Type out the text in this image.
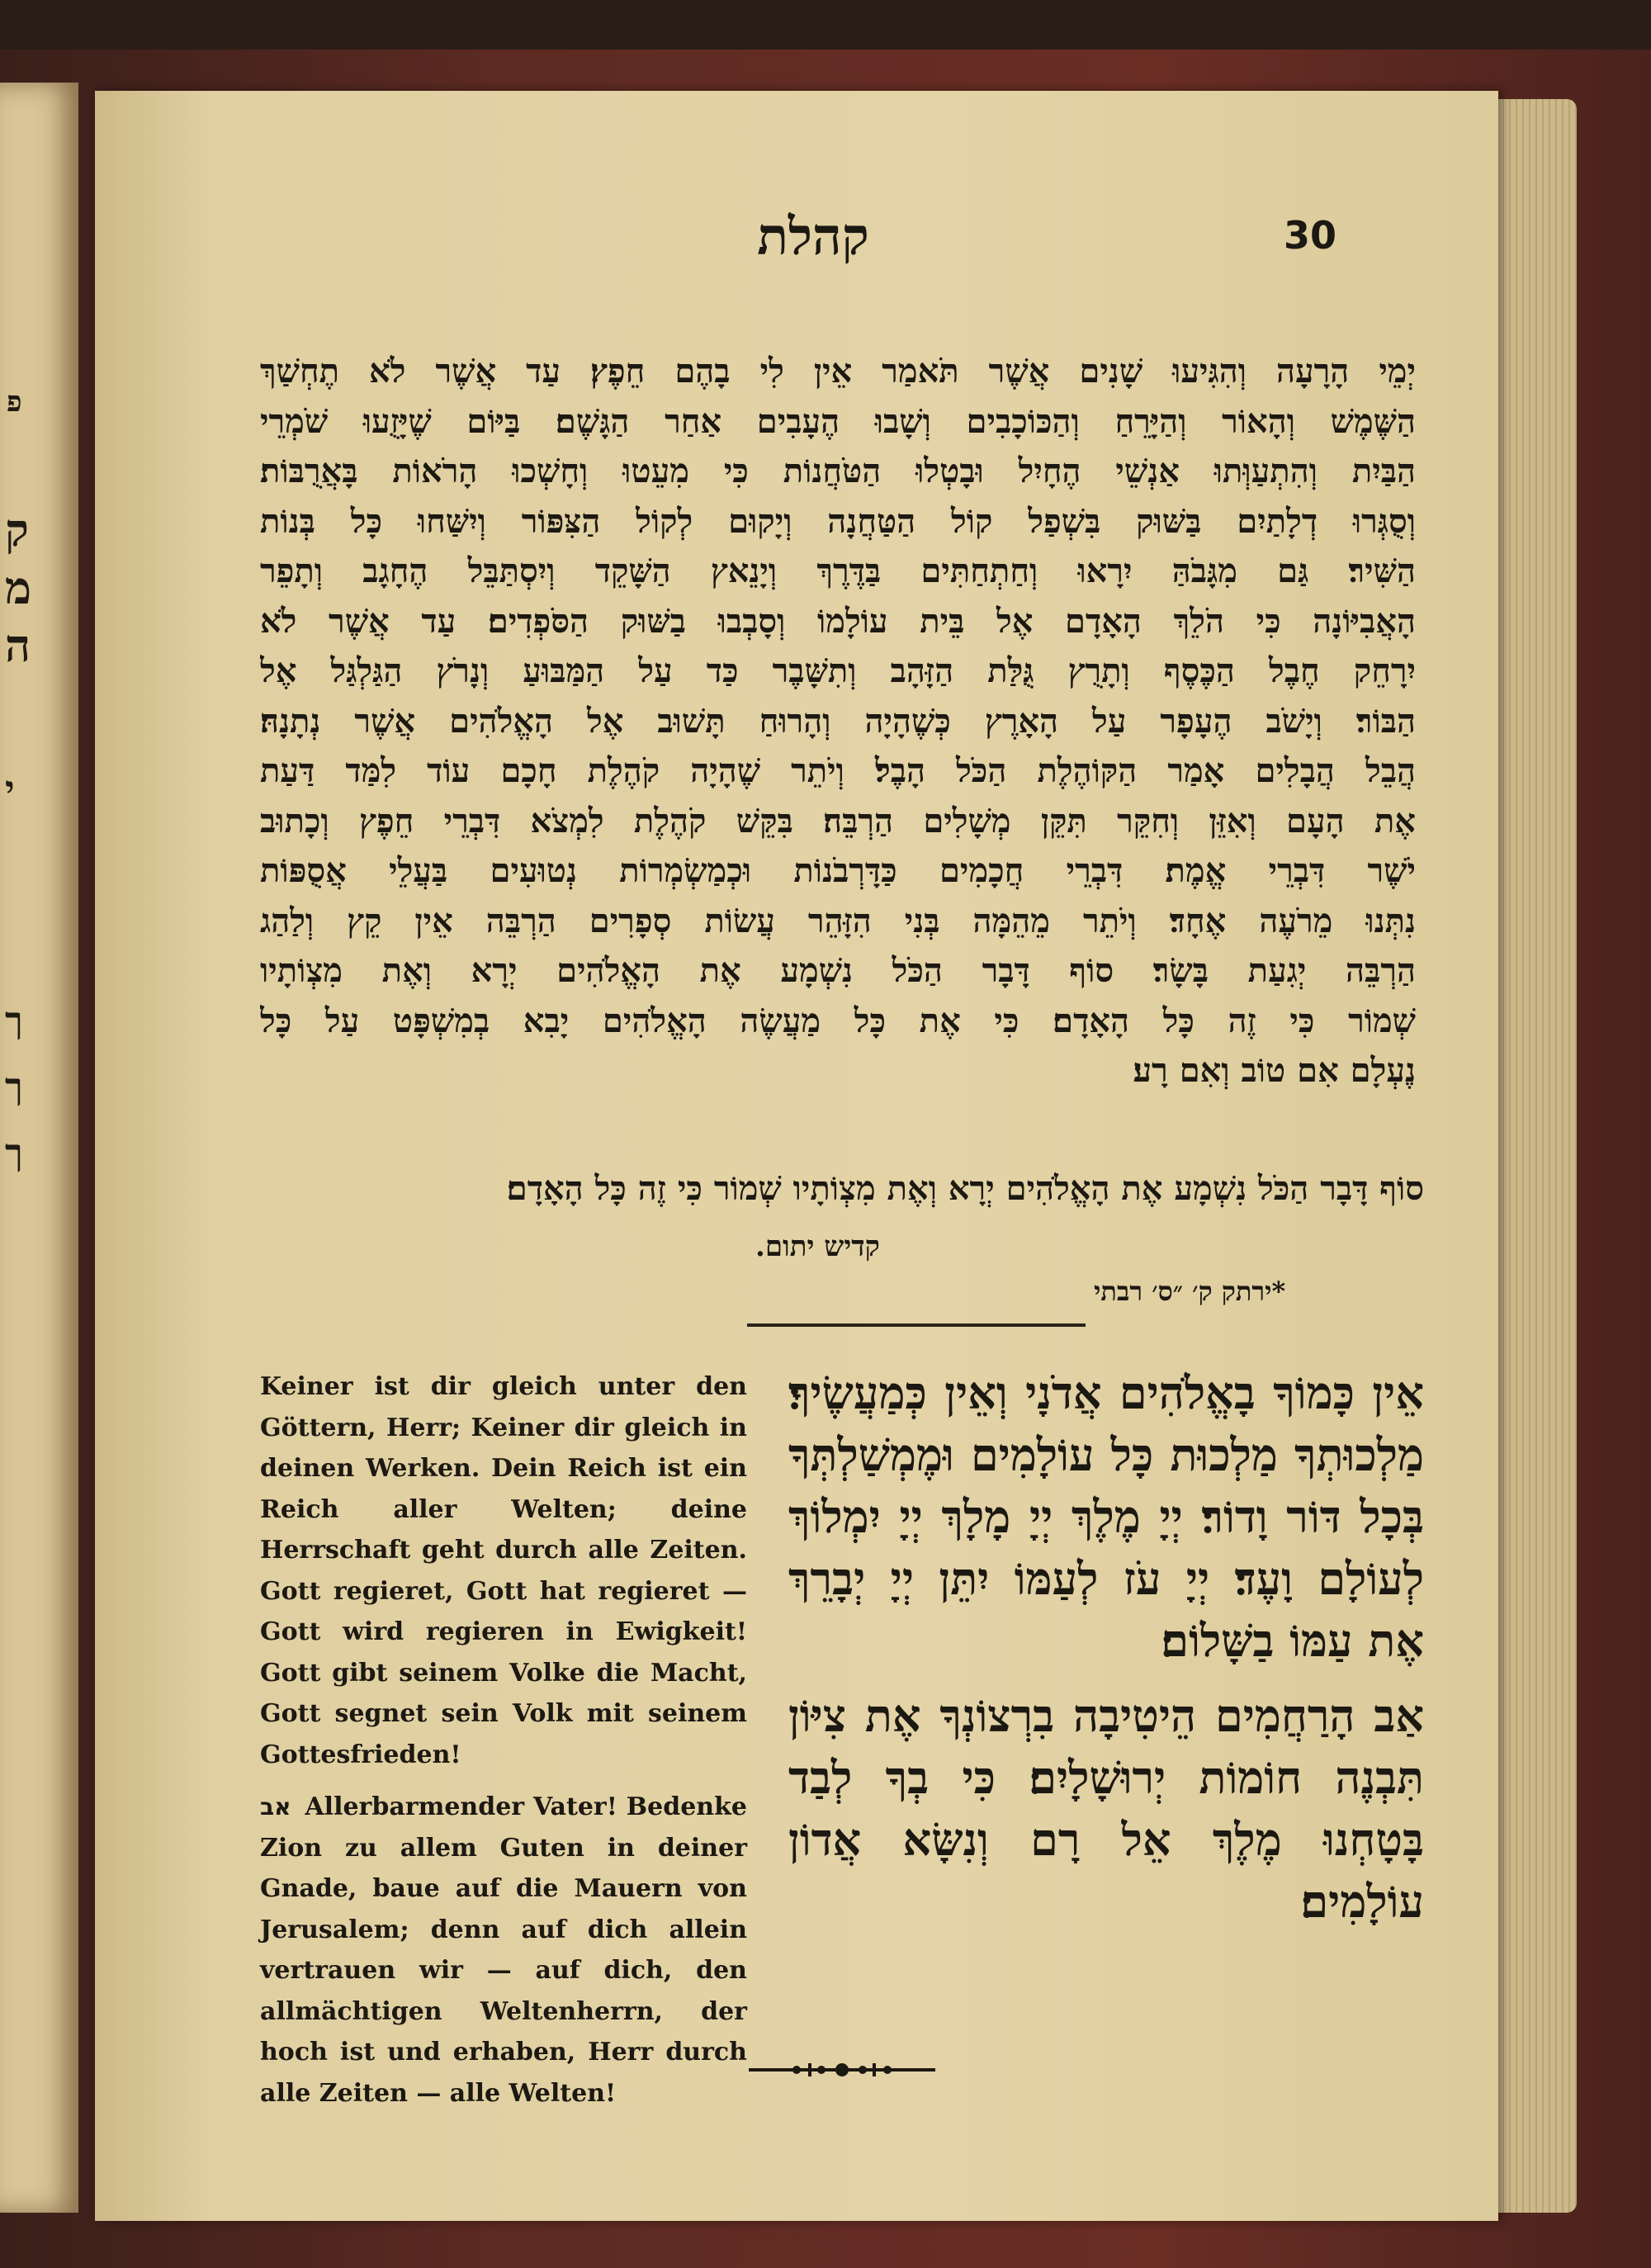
פ
ק
מ
ה
י
ך
ך
ך
קהלת	30
יְמֵי הָרָעָה וְהִגִּיעוּ שָׁנִים אֲשֶׁר תֹּאמַר אֵין לִי בָהֶם חֵפֶץ׃ עַד אֲשֶׁר לֹא תֶחְשַׁךְ
הַשֶּׁמֶשׁ וְהָאוֹר וְהַיָּרֵחַ וְהַכּוֹכָבִים וְשָׁבוּ הֶעָבִים אַחַר הַגָּשֶׁם׃ בַּיּוֹם שֶׁיָּזֻעוּ שֹׁמְרֵי
הַבַּיִת וְהִתְעַוְּתוּ אַנְשֵׁי הֶחָיִל וּבָטְלוּ הַטֹּחֲנוֹת כִּי מִעֵטוּ וְחָשְׁכוּ הָרֹאוֹת בָּאֲרֻבּוֹת׃
וְסֻגְּרוּ דְלָתַיִם בַּשּׁוּק בִּשְׁפַל קוֹל הַטַּחֲנָה וְיָקוּם לְקוֹל הַצִּפּוֹר וְיִשַּׁחוּ כָּל בְּנוֹת
הַשִּׁיר׃ גַּם מִגָּבֹהַּ יִרָאוּ וְחַתְחַתִּים בַּדֶּרֶךְ וְיָנֵאץ הַשָּׁקֵד וְיִסְתַּבֵּל הֶחָגָב וְתָפֵר
הָאֲבִיּוֹנָה כִּי הֹלֵךְ הָאָדָם אֶל בֵּית עוֹלָמוֹ וְסָבְבוּ בַשּׁוּק הַסֹּפְדִים׃ עַד אֲשֶׁר לֹא
יִרָחֵק חֶבֶל הַכֶּסֶף וְתָרֻץ גֻּלַּת הַזָּהָב וְתִשָּׁבֶר כַּד עַל הַמַּבּוּעַ וְנָרֹץ הַגַּלְגַּל אֶל
הַבּוֹר׃ וְיָשֹׁב הֶעָפָר עַל הָאָרֶץ כְּשֶׁהָיָה וְהָרוּחַ תָּשׁוּב אֶל הָאֱלֹהִים אֲשֶׁר נְתָנָהּ׃
הֲבֵל הֲבָלִים אָמַר הַקּוֹהֶלֶת הַכֹּל הָבֶל׃ וְיֹתֵר שֶׁהָיָה קֹהֶלֶת חָכָם עוֹד לִמַּד דַּעַת
אֶת הָעָם וְאִזֵּן וְחִקֵּר תִּקֵּן מְשָׁלִים הַרְבֵּה׃ בִּקֵּשׁ קֹהֶלֶת לִמְצֹא דִּבְרֵי חֵפֶץ וְכָתוּב
יֹשֶׁר דִּבְרֵי אֱמֶת׃ דִּבְרֵי חֲכָמִים כַּדָּרְבֹנוֹת וּכְמַשְׂמְרוֹת נְטוּעִים בַּעֲלֵי אֲסֻפּוֹת
נִתְּנוּ מֵרֹעֶה אֶחָד׃ וְיֹתֵר מֵהֵמָּה בְּנִי הִזָּהֵר עֲשׂוֹת סְפָרִים הַרְבֵּה אֵין קֵץ וְלַהַג
הַרְבֵּה יְגִעַת בָּשָׂר׃ סוֹף דָּבָר הַכֹּל נִשְׁמָע אֶת הָאֱלֹהִים יְרָא וְאֶת מִצְוֹתָיו
שְׁמוֹר כִּי זֶה כָּל הָאָדָם׃ כִּי אֶת כָּל מַעֲשֶׂה הָאֱלֹהִים יָבִא בְמִשְׁפָּט עַל כָּל
נֶעְלָם אִם טוֹב וְאִם רָע׃
סוֹף דָּבָר הַכֹּל נִשְׁמָע אֶת הָאֱלֹהִים יְרָא וְאֶת מִצְוֹתָיו שְׁמוֹר כִּי זֶה כָּל הָאָדָם׃
קדיש יתום.
*ירתק ק׳ ״ס׳ רבתי

Keiner ist dir gleich unter den Göttern, Herr; Keiner dir gleich in deinen Werken. Dein Reich ist ein Reich aller Welten; deine Herrschaft geht durch alle Zeiten. Gott regieret, Gott hat regieret — Gott wird regieren in Ewigkeit! Gott gibt seinem Volke die Macht, Gott segnet sein Volk mit seinem Gottesfrieden!

אב Allerbarmender Vater! Bedenke Zion zu allem Guten in deiner Gnade, baue auf die Mauern von Jerusalem; denn auf dich allein vertrauen wir — auf dich, den allmächtigen Weltenherrn, der hoch ist und erhaben, Herr durch alle Zeiten — alle Welten!

אֵין כָּמוֹךָ בָאֱלֹהִים אֲדֹנָי וְאֵין כְּמַעֲשֶׂיךָ׃ מַלְכוּתְךָ מַלְכוּת כָּל עוֹלָמִים וּמֶמְשַׁלְתְּךָ בְּכָל דּוֹר וָדוֹר׃ יְיָ מֶלֶךְ יְיָ מָלָךְ יְיָ יִמְלוֹךְ לְעוֹלָם וָעֶד׃ יְיָ עֹז לְעַמּוֹ יִתֵּן יְיָ יְבָרֵךְ אֶת עַמּוֹ בַשָּׁלוֹם׃

אַב הָרַחֲמִים הֵיטִיבָה בִרְצוֹנְךָ אֶת צִיּוֹן תִּבְנֶה חוֹמוֹת יְרוּשָׁלָיִם׃ כִּי בְךָ לְבַד בָּטָחְנוּ מֶלֶךְ אֵל רָם וְנִשָּׂא אֲדוֹן עוֹלָמִים׃
